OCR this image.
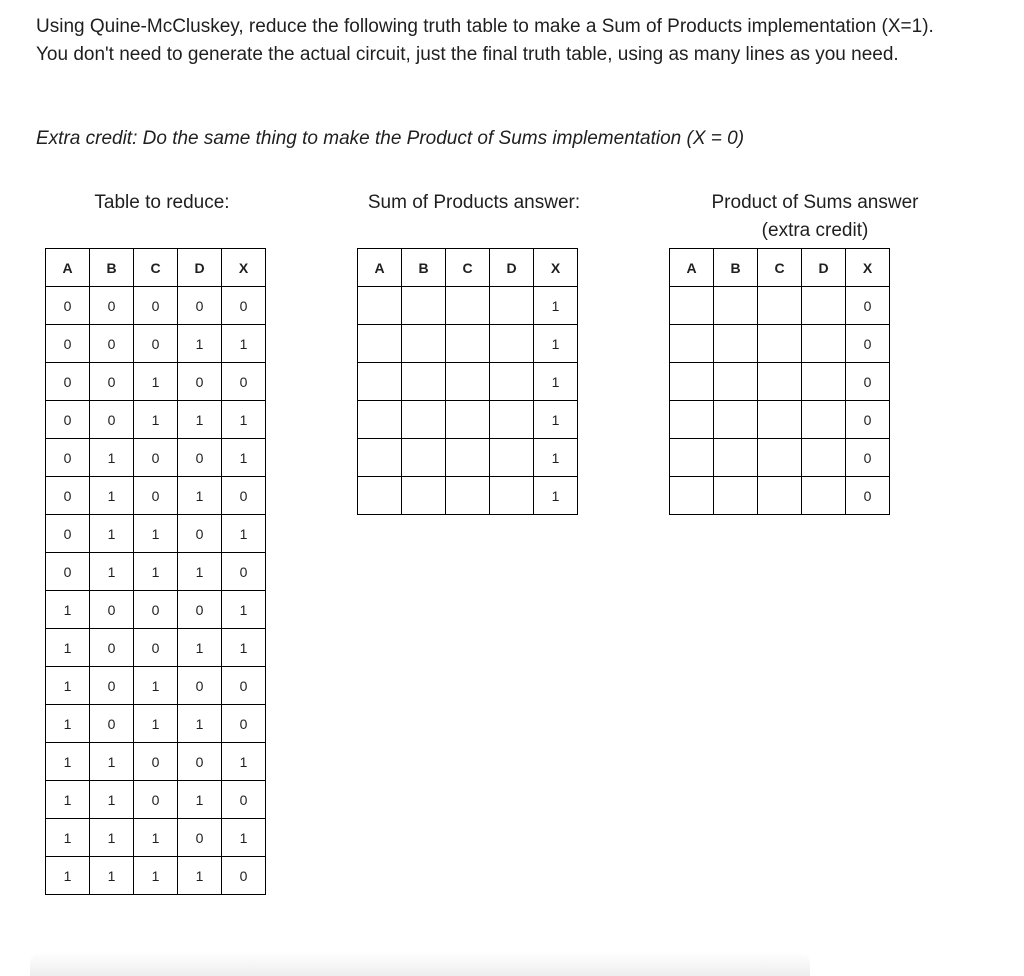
Using Quine-McCluskey, reduce the following truth table to make a Sum of Products implementation (X=1). You don't need to generate the actual circuit, just the final truth table, using as many lines as you need.

Extra credit: Do the same thing to make the Product of Sums implementation (X = 0)

Table to reduce:	Sum of Products answer:	Product of Sums answer
(extra credit)
A	B	C	D	X
0	0	0	0	0
0	0	0	1	1
0	0	1	0	0
0	0	1	1	1
0	1	0	0	1
0	1	0	1	0
0	1	1	0	1
0	1	1	1	0
1	0	0	0	1
1	0	0	1	1
1	0	1	0	0
1	0	1	1	0
1	1	0	0	1
1	1	0	1	0
1	1	1	0	1
1	1	1	1	0
A	B	C	D	X
				1
				1
				1
				1
				1
				1
A	B	C	D	X
				0
				0
				0
				0
				0
				0
